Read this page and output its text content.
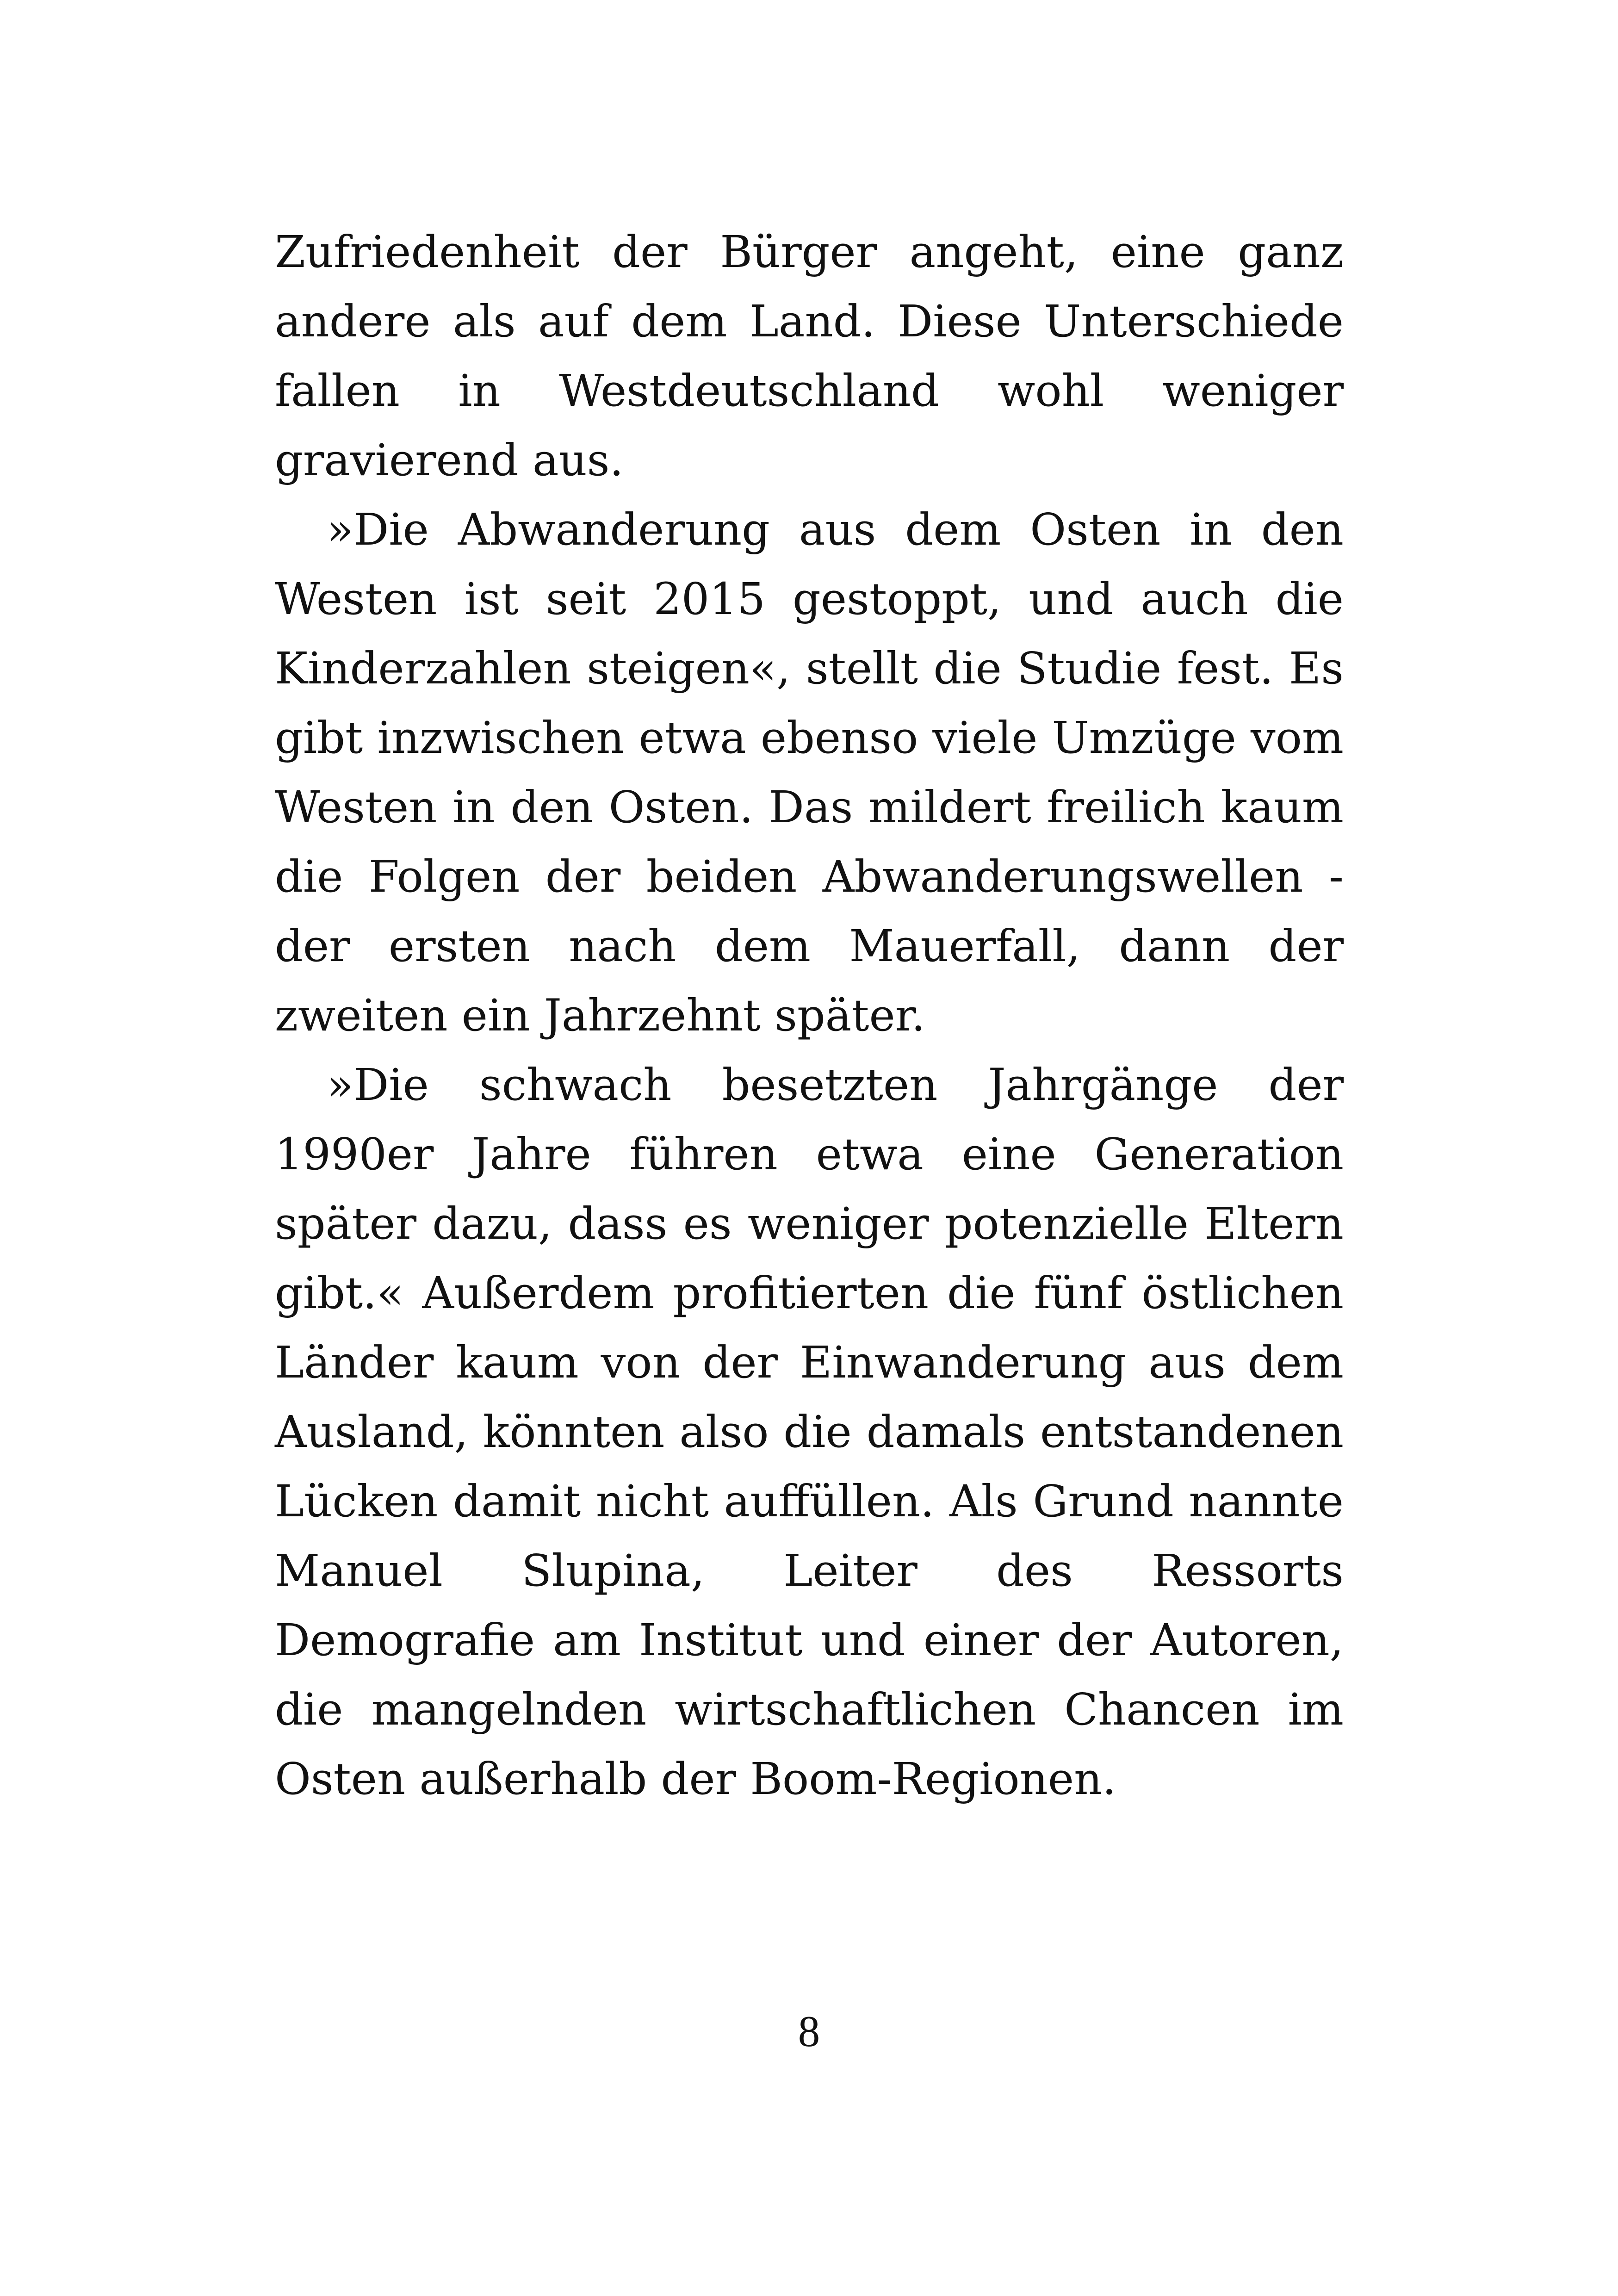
Zufriedenheit der Bürger angeht, eine ganz andere als auf dem Land. Diese Unterschiede fallen in Westdeutschland wohl weniger gravierend aus.

»Die Abwanderung aus dem Osten in den Westen ist seit 2015 gestoppt, und auch die Kinderzahlen steigen«, stellt die Studie fest. Es gibt inzwischen etwa ebenso viele Umzüge vom Westen in den Osten. Das mildert freilich kaum die Folgen der beiden Abwanderungswellen - der ersten nach dem Mauerfall, dann der zweiten ein Jahrzehnt später.

»Die schwach besetzten Jahrgänge der 1990er Jahre führen etwa eine Generation später dazu, dass es weniger potenzielle Eltern gibt.« Außerdem profitierten die fünf östlichen Länder kaum von der Einwanderung aus dem Ausland, könnten also die damals entstandenen Lücken damit nicht auffüllen. Als Grund nannte Manuel Slupina, Leiter des Ressorts Demografie am Institut und einer der Autoren, die mangelnden wirtschaftlichen Chancen im Osten außerhalb der Boom-Regionen.

8
